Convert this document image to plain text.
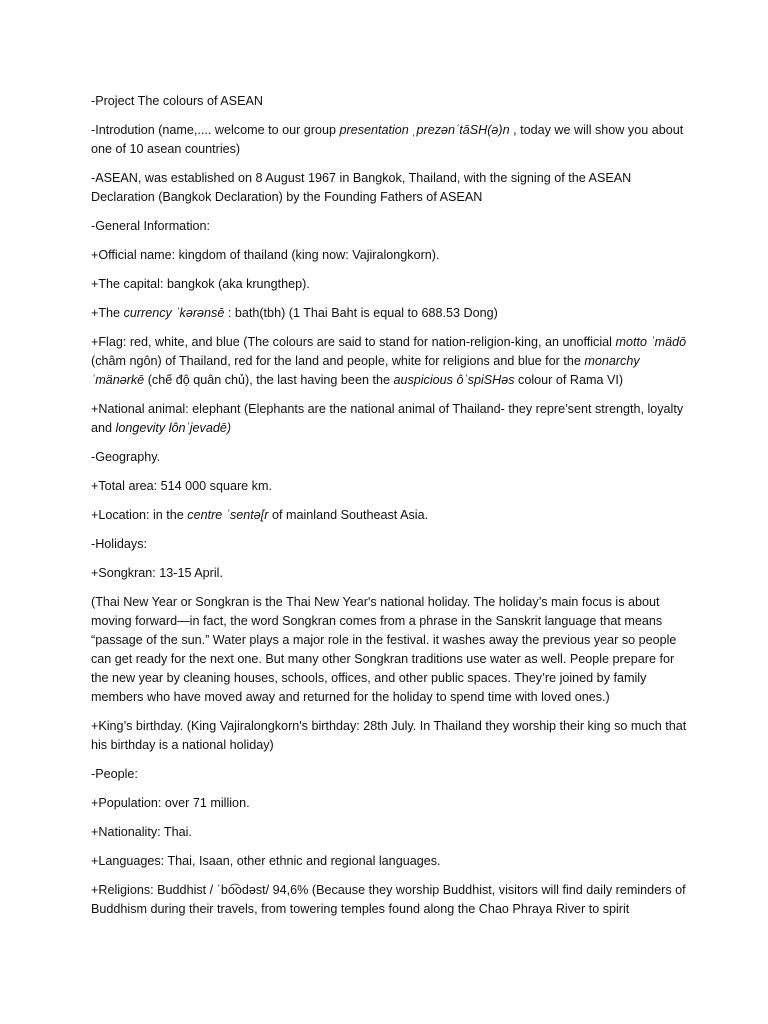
-Project The colours of ASEAN

-Introdution (name,.... welcome to our group presentation ˌprezənˈtāSH(ə)n , today we will show you about one of 10 asean countries)

-ASEAN, was established on 8 August 1967 in Bangkok, Thailand, with the signing of the ASEAN Declaration (Bangkok Declaration) by the Founding Fathers of ASEAN

-General Information:

+Official name: kingdom of thailand (king now: Vajiralongkorn).

+The capital: bangkok (aka krungthep).

+The currency ˈkərənsē : bath(tbh) (1 Thai Baht is equal to 688.53 Dong)

+Flag: red, white, and blue (The colours are said to stand for nation-religion-king, an unofficial motto ˈmädō (châm ngôn) of Thailand, red for the land and people, white for religions and blue for the monarchy ˈmänərkē (chế độ quân chủ), the last having been the auspicious ôˈspiSHəs colour of Rama VI)

+National animal: elephant (Elephants are the national animal of Thailand- they repre’sent strength, loyalty and longevity lônˈjevadē)

-Geography.

+Total area: 514 000 square km.

+Location: in the centre ˈsentə[r of mainland Southeast Asia.

-Holidays:

+Songkran: 13-15 April.

(Thai New Year or Songkran is the Thai New Year's national holiday. The holiday’s main focus is about moving forward—in fact, the word Songkran comes from a phrase in the Sanskrit language that means “passage of the sun.” Water plays a major role in the festival. it washes away the previous year so people can get ready for the next one. But many other Songkran traditions use water as well. People prepare for the new year by cleaning houses, schools, offices, and other public spaces. They’re joined by family members who have moved away and returned for the holiday to spend time with loved ones.)

+King’s birthday. (King Vajiralongkorn's birthday: 28th July. In Thailand they worship their king so much that his birthday is a national holiday)

-People:

+Population: over 71 million.

+Nationality: Thai.

+Languages: Thai, Isaan, other ethnic and regional languages.

+Religions: Buddhist / ˈbo͡odəst/ 94,6% (Because they worship Buddhist, visitors will find daily reminders of Buddhism during their travels, from towering temples found along the Chao Phraya River to spirit
